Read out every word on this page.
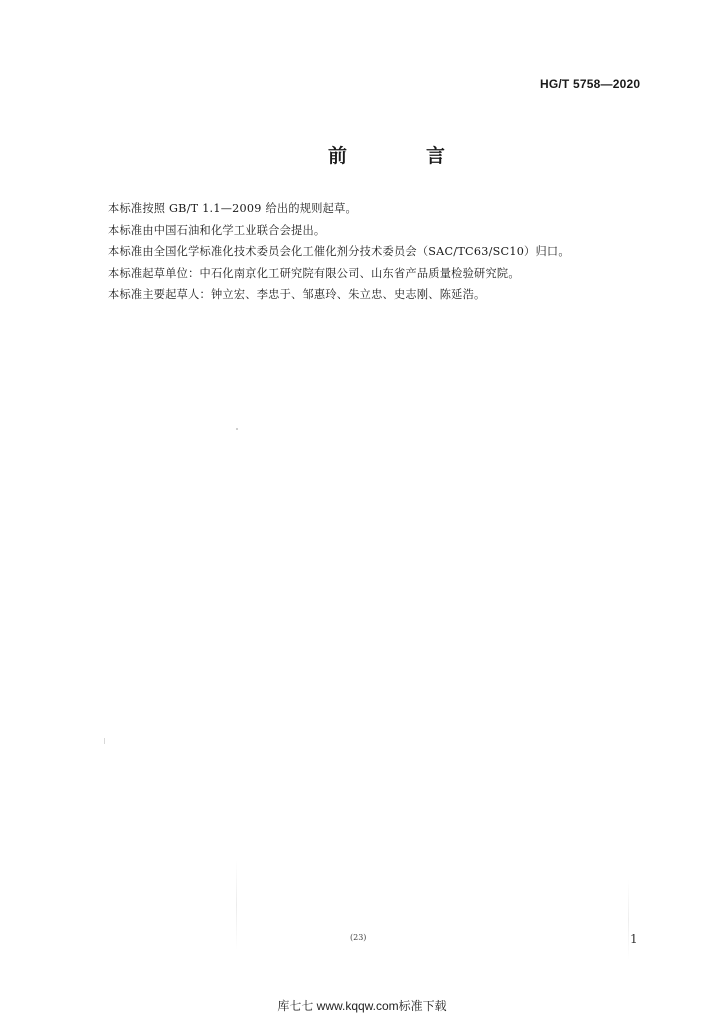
HG/T 5758—2020
前　言
本标准按照 GB/T 1.1—2009 给出的规则起草。
本标准由中国石油和化学工业联合会提出。
本标准由全国化学标准化技术委员会化工催化剂分技术委员会（SAC/TC63/SC10）归口。
本标准起草单位：中石化南京化工研究院有限公司、山东省产品质量检验研究院。
本标准主要起草人：钟立宏、李忠于、邹惠玲、朱立忠、史志刚、陈延浩。
(23)	1
库七七 www.kqqw.com标准下载
